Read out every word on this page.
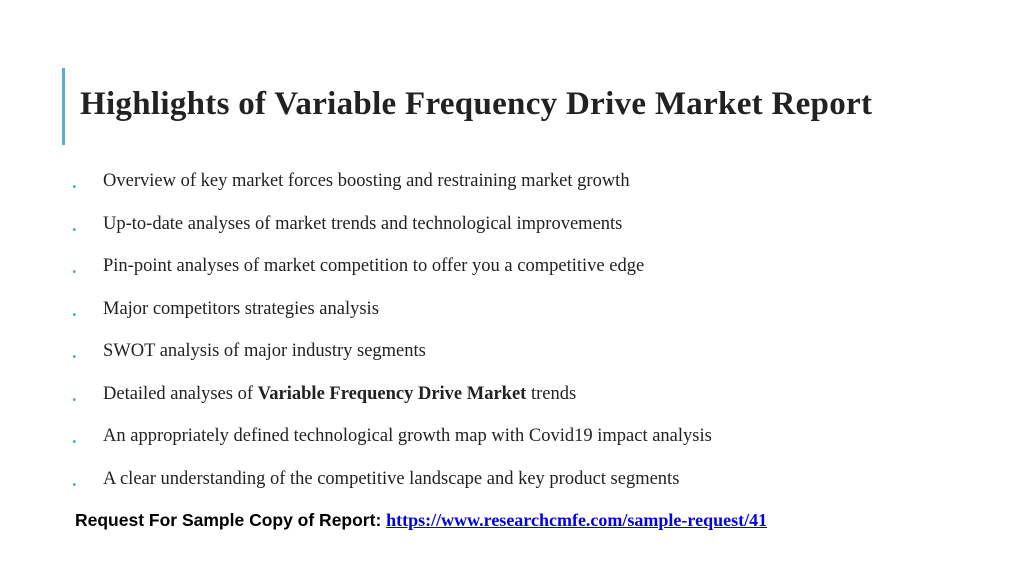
Highlights of Variable Frequency Drive Market Report
• Overview of key market forces boosting and restraining market growth
• Up-to-date analyses of market trends and technological improvements
• Pin-point analyses of market competition to offer you a competitive edge
• Major competitors strategies analysis
• SWOT analysis of major industry segments
• Detailed analyses of Variable Frequency Drive Market trends
• An appropriately defined technological growth map with Covid19 impact analysis
• A clear understanding of the competitive landscape and key product segments
Request For Sample Copy of Report: https://www.researchcmfe.com/sample-request/41
